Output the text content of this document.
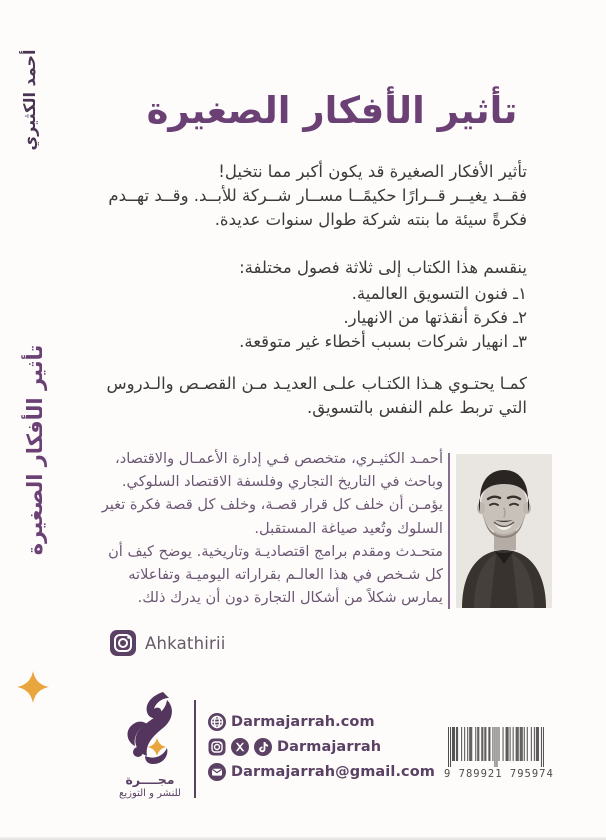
أحمد الكثيري
تأثير الأفكار الصغيرة
تأثير الأفكار الصغيرة
تأثير الأفكار الصغيرة قد يكون أكبر مما نتخيل!
فقــد يغيــر قــرارًا حكيمًــا مســار شــركة للأبــد. وقــد تهــدم
فكرةً سيئة ما بنته شركة طوال سنوات عديدة.
ينقسم هذا الكتاب إلى ثلاثة فصول مختلفة:
١ـ فنون التسويق العالمية.
٢ـ فكرة أنقذتها من الانهيار.
٣ـ انهيار شركات بسبب أخطاء غير متوقعة.
كمـا يحتـوي هـذا الكتـاب علـى العديـد مـن القصـص والـدروس
التي تربط علم النفس بالتسويق.
أحمـد الكثيـري، متخصص فـي إدارة الأعمـال والاقتصاد،
وباحث في التاريخ التجاري وفلسفة الاقتصاد السلوكي.
يؤمـن أن خلف كل قرار قصـة، وخلف كل قصة فكرة تغير
السلوك وتُعيد صياغة المستقبل.
متحـدث ومقدم برامج اقتصاديـة وتاريخية. يوضح كيف أن
كل شـخص في هذا العالـم بقراراته اليوميـة وتفاعلاته
يمارس شكلاً من أشكال التجارة دون أن يدرك ذلك.
Ahkathirii
مجــــرة
للنشر و التوزيع
Darmajarrah.com
Darmajarrah
Darmajarrah@gmail.com 9 789921 795974
